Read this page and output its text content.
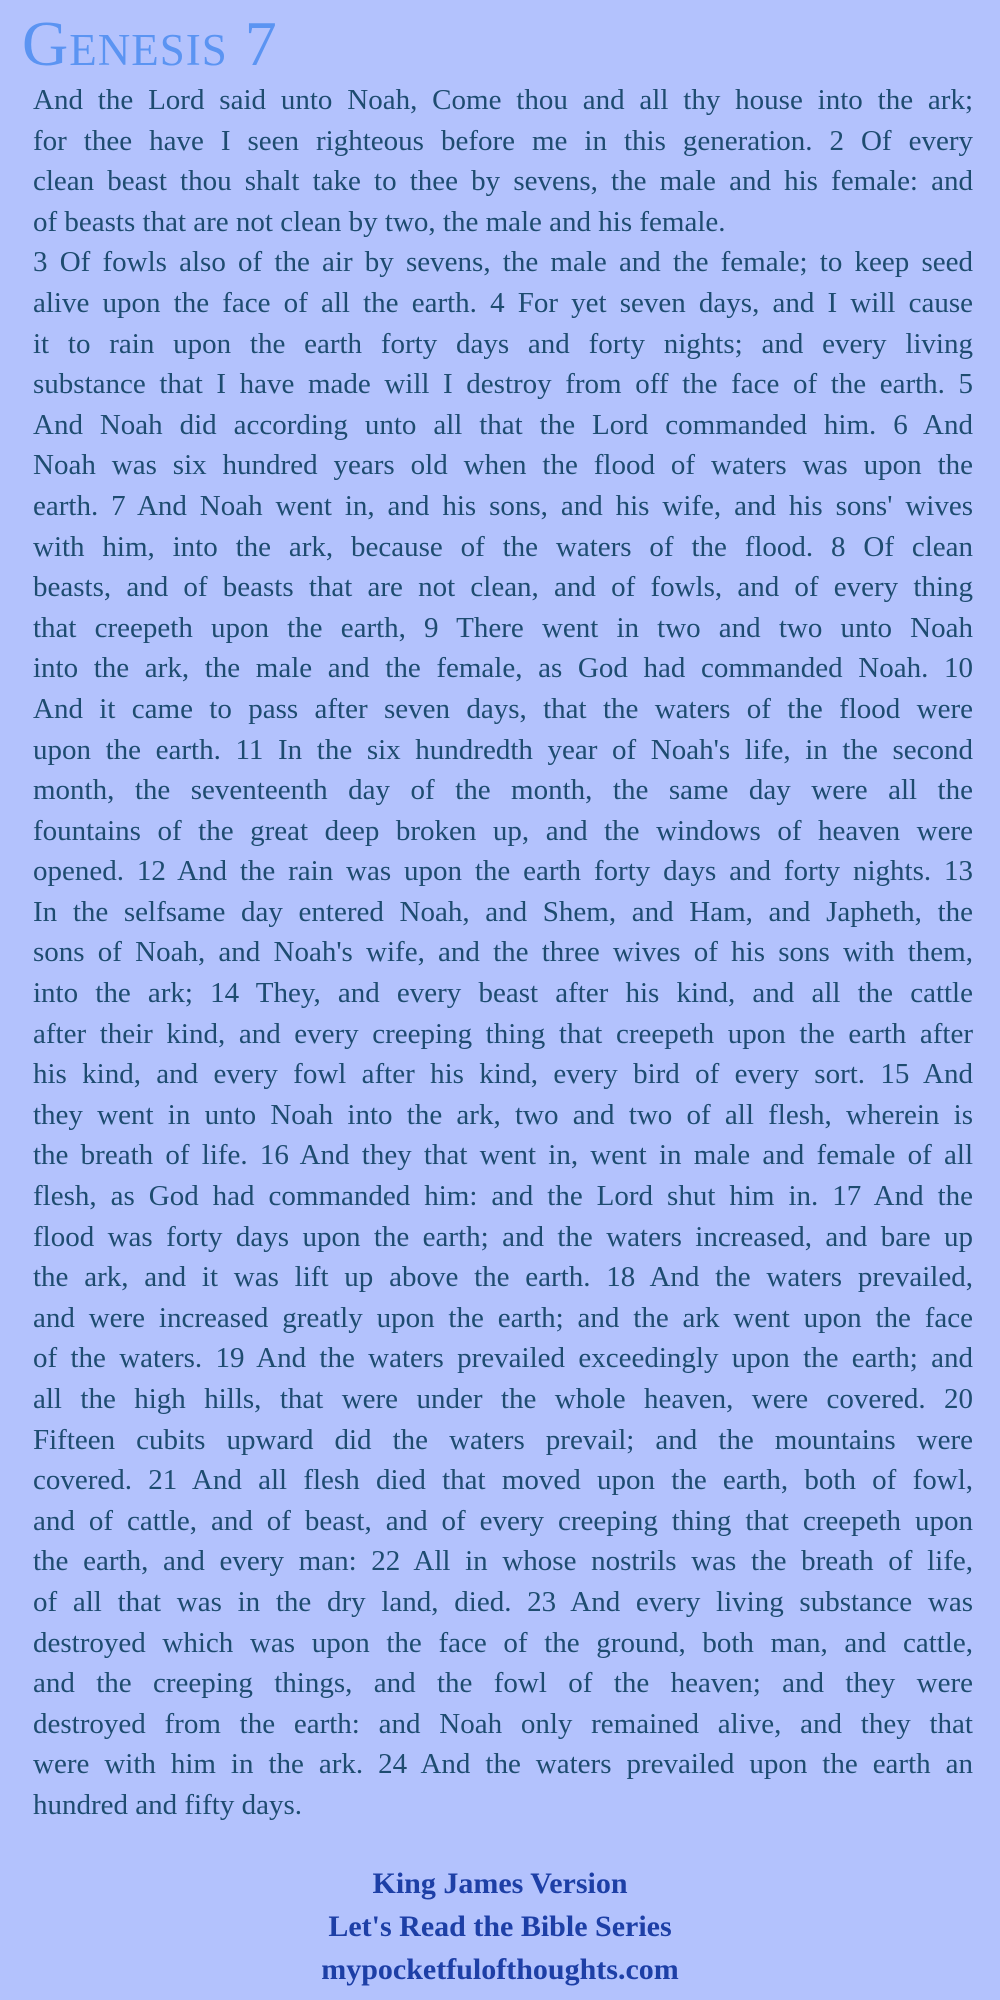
Genesis 7
And the Lord said unto Noah, Come thou and all thy house into the ark;
for thee have I seen righteous before me in this generation. 2 Of every
clean beast thou shalt take to thee by sevens, the male and his female: and
of beasts that are not clean by two, the male and his female.
3 Of fowls also of the air by sevens, the male and the female; to keep seed
alive upon the face of all the earth. 4 For yet seven days, and I will cause
it to rain upon the earth forty days and forty nights; and every living
substance that I have made will I destroy from off the face of the earth. 5
And Noah did according unto all that the Lord commanded him. 6 And
Noah was six hundred years old when the flood of waters was upon the
earth. 7 And Noah went in, and his sons, and his wife, and his sons' wives
with him, into the ark, because of the waters of the flood. 8 Of clean
beasts, and of beasts that are not clean, and of fowls, and of every thing
that creepeth upon the earth, 9 There went in two and two unto Noah
into the ark, the male and the female, as God had commanded Noah. 10
And it came to pass after seven days, that the waters of the flood were
upon the earth. 11 In the six hundredth year of Noah's life, in the second
month, the seventeenth day of the month, the same day were all the
fountains of the great deep broken up, and the windows of heaven were
opened. 12 And the rain was upon the earth forty days and forty nights. 13
In the selfsame day entered Noah, and Shem, and Ham, and Japheth, the
sons of Noah, and Noah's wife, and the three wives of his sons with them,
into the ark; 14 They, and every beast after his kind, and all the cattle
after their kind, and every creeping thing that creepeth upon the earth after
his kind, and every fowl after his kind, every bird of every sort. 15 And
they went in unto Noah into the ark, two and two of all flesh, wherein is
the breath of life. 16 And they that went in, went in male and female of all
flesh, as God had commanded him: and the Lord shut him in. 17 And the
flood was forty days upon the earth; and the waters increased, and bare up
the ark, and it was lift up above the earth. 18 And the waters prevailed,
and were increased greatly upon the earth; and the ark went upon the face
of the waters. 19 And the waters prevailed exceedingly upon the earth; and
all the high hills, that were under the whole heaven, were covered. 20
Fifteen cubits upward did the waters prevail; and the mountains were
covered. 21 And all flesh died that moved upon the earth, both of fowl,
and of cattle, and of beast, and of every creeping thing that creepeth upon
the earth, and every man: 22 All in whose nostrils was the breath of life,
of all that was in the dry land, died. 23 And every living substance was
destroyed which was upon the face of the ground, both man, and cattle,
and the creeping things, and the fowl of the heaven; and they were
destroyed from the earth: and Noah only remained alive, and they that
were with him in the ark. 24 And the waters prevailed upon the earth an
hundred and fifty days.
King James Version
Let's Read the Bible Series
mypocketfulofthoughts.com
